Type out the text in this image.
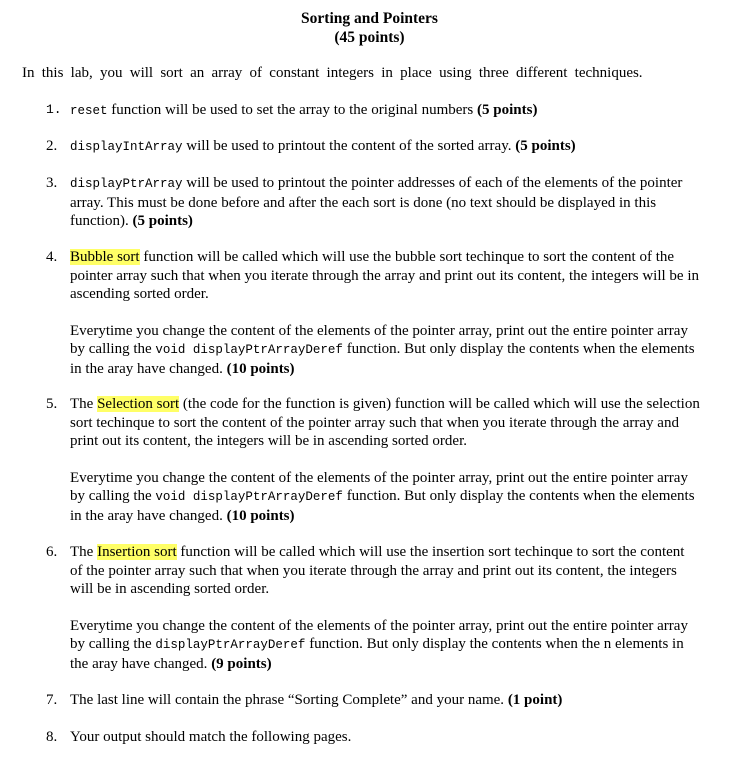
Sorting and Pointers
(45 points)
In this lab, you will sort an array of constant integers in place using three different techniques.
1. reset function will be used to set the array to the original numbers (5 points)
2.	displayIntArray will be used to printout the content of the sorted array. (5 points)
3.	displayPtrArray will be used to printout the pointer addresses of each of the elements of the pointer array. This must be done before and after the each sort is done (no text should be displayed in this function). (5 points)
4. Bubble sort function will be called which will use the bubble sort techinque to sort the content of the pointer array such that when you iterate through the array and print out its content, the integers will be in ascending sorted order.
Everytime you change the content of the elements of the pointer array, print out the entire pointer array by calling the void displayPtrArrayDeref function. But only display the contents when the elements in the aray have changed. (10 points)
5. The Selection sort (the code for the function is given) function will be called which will use the selection sort techinque to sort the content of the pointer array such that when you iterate through the array and print out its content, the integers will be in ascending sorted order.
Everytime you change the content of the elements of the pointer array, print out the entire pointer array by calling the void displayPtrArrayDeref function. But only display the contents when the elements in the aray have changed. (10 points)
6. The Insertion sort function will be called which will use the insertion sort techinque to sort the content of the pointer array such that when you iterate through the array and print out its content, the integers will be in ascending sorted order.
Everytime you change the content of the elements of the pointer array, print out the entire pointer array by calling the displayPtrArrayDeref function. But only display the contents when the n elements in the aray have changed. (9 points)
7. The last line will contain the phrase “Sorting Complete” and your name. (1 point)
8. Your output should match the following pages.
